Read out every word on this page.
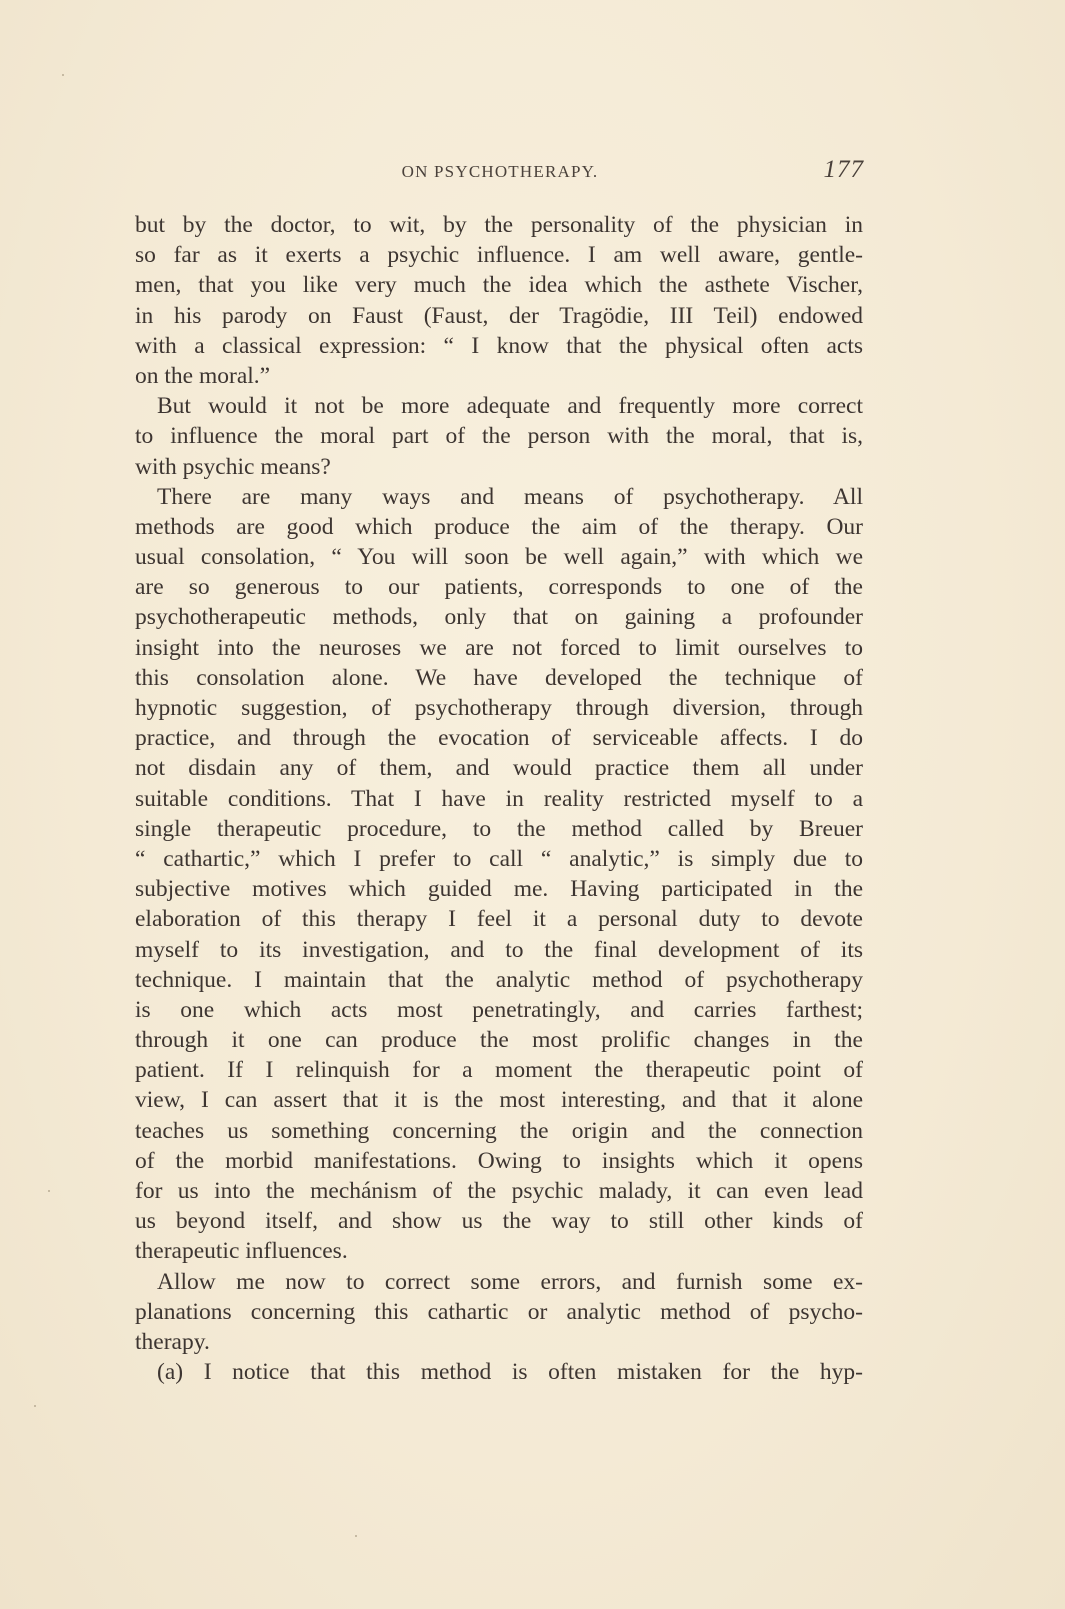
ON PSYCHOTHERAPY.	177
but by the doctor, to wit, by the personality of the physician in
so far as it exerts a psychic influence. I am well aware, gentle-
men, that you like very much the idea which the asthete Vischer,
in his parody on Faust (Faust, der Tragödie, III Teil) endowed
with a classical expression: “ I know that the physical often acts
on the moral.”
But would it not be more adequate and frequently more correct
to influence the moral part of the person with the moral, that is,
with psychic means?
There are many ways and means of psychotherapy. All
methods are good which produce the aim of the therapy. Our
usual consolation, “ You will soon be well again,” with which we
are so generous to our patients, corresponds to one of the
psychotherapeutic methods, only that on gaining a profounder
insight into the neuroses we are not forced to limit ourselves to
this consolation alone. We have developed the technique of
hypnotic suggestion, of psychotherapy through diversion, through
practice, and through the evocation of serviceable affects. I do
not disdain any of them, and would practice them all under
suitable conditions. That I have in reality restricted myself to a
single therapeutic procedure, to the method called by Breuer
“ cathartic,” which I prefer to call “ analytic,” is simply due to
subjective motives which guided me. Having participated in the
elaboration of this therapy I feel it a personal duty to devote
myself to its investigation, and to the final development of its
technique. I maintain that the analytic method of psychotherapy
is one which acts most penetratingly, and carries farthest;
through it one can produce the most prolific changes in the
patient. If I relinquish for a moment the therapeutic point of
view, I can assert that it is the most interesting, and that it alone
teaches us something concerning the origin and the connection
of the morbid manifestations. Owing to insights which it opens
for us into the mechánism of the psychic malady, it can even lead
us beyond itself, and show us the way to still other kinds of
therapeutic influences.
Allow me now to correct some errors, and furnish some ex-
planations concerning this cathartic or analytic method of psycho-
therapy.
(a) I notice that this method is often mistaken for the hyp-
